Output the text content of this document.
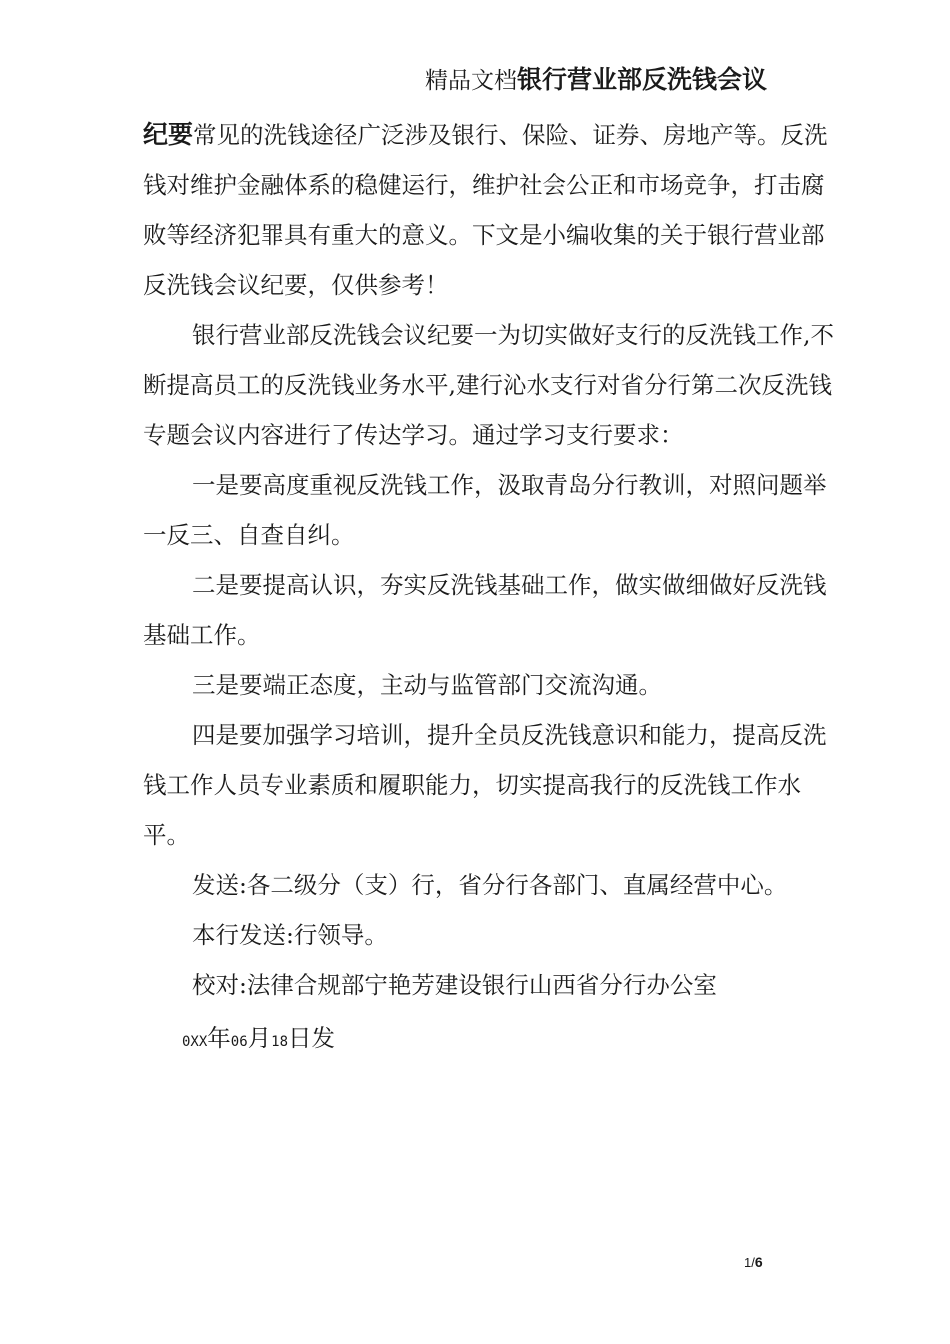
精品文档银行营业部反洗钱会议

纪要常见的洗钱途径广泛涉及银行、保险、证券、房地产等。反洗钱对维护金融体系的稳健运行，维护社会公正和市场竞争，打击腐败等经济犯罪具有重大的意义。下文是小编收集的关于银行营业部反洗钱会议纪要，仅供参考！

银行营业部反洗钱会议纪要一为切实做好支行的反洗钱工作,不断提高员工的反洗钱业务水平,建行沁水支行对省分行第二次反洗钱专题会议内容进行了传达学习。通过学习支行要求：

一是要高度重视反洗钱工作，汲取青岛分行教训，对照问题举一反三、自查自纠。

二是要提高认识，夯实反洗钱基础工作，做实做细做好反洗钱基础工作。

三是要端正态度，主动与监管部门交流沟通。

四是要加强学习培训，提升全员反洗钱意识和能力，提高反洗钱工作人员专业素质和履职能力，切实提高我行的反洗钱工作水平。

发送:各二级分（支）行，省分行各部门、直属经营中心。

本行发送:行领导。

校对:法律合规部宁艳芳建设银行山西省分行办公室

0XX年06月18日发
1/6
